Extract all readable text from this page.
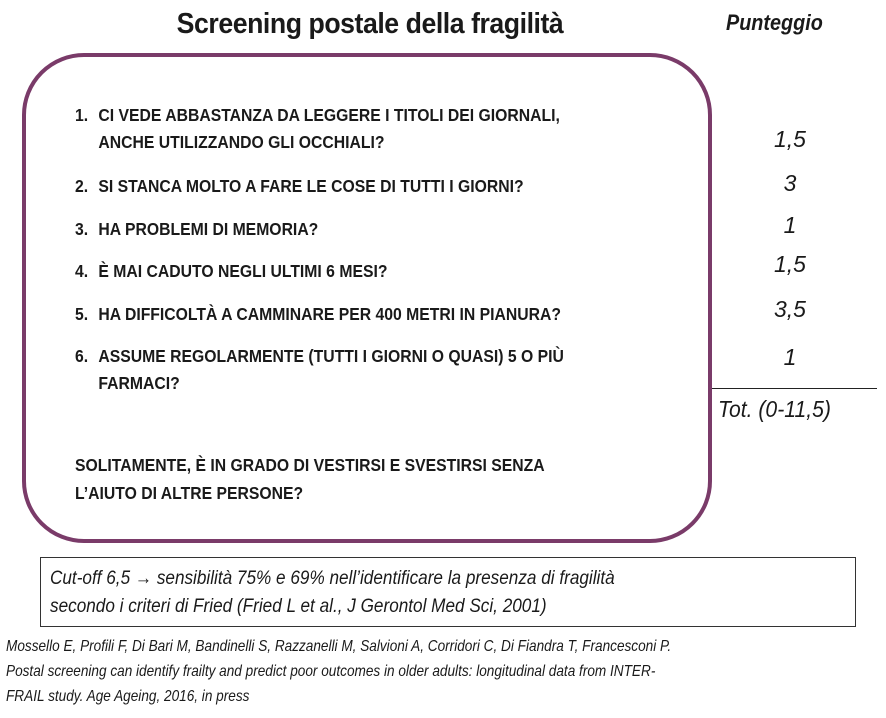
Screening postale della fragilità	Punteggio
1. CI VEDE ABBASTANZA DA LEGGERE I TITOLI DEI GIORNALI,
ANCHE UTILIZZANDO GLI OCCHIALI?
2. SI STANCA MOLTO A FARE LE COSE DI TUTTI I GIORNI?
3. HA PROBLEMI DI MEMORIA?
4. È MAI CADUTO NEGLI ULTIMI 6 MESI?
5. HA DIFFICOLTÀ A CAMMINARE PER 400 METRI IN PIANURA?
6. ASSUME REGOLARMENTE (TUTTI I GIORNI O QUASI) 5 O PIÙ
FARMACI?
1,5
3
1
1,5
3,5
1
Tot. (0-11,5)
SOLITAMENTE, È IN GRADO DI VESTIRSI E SVESTIRSI SENZA
L’AIUTO DI ALTRE PERSONE?
Cut-off 6,5 → sensibilità 75% e 69% nell’identificare la presenza di fragilità
secondo i criteri di Fried (Fried L et al., J Gerontol Med Sci, 2001)
Mossello E, Profili F, Di Bari M, Bandinelli S, Razzanelli M, Salvioni A, Corridori C, Di Fiandra T, Francesconi P.
Postal screening can identify frailty and predict poor outcomes in older adults: longitudinal data from INTER-
FRAIL study. Age Ageing, 2016, in press
